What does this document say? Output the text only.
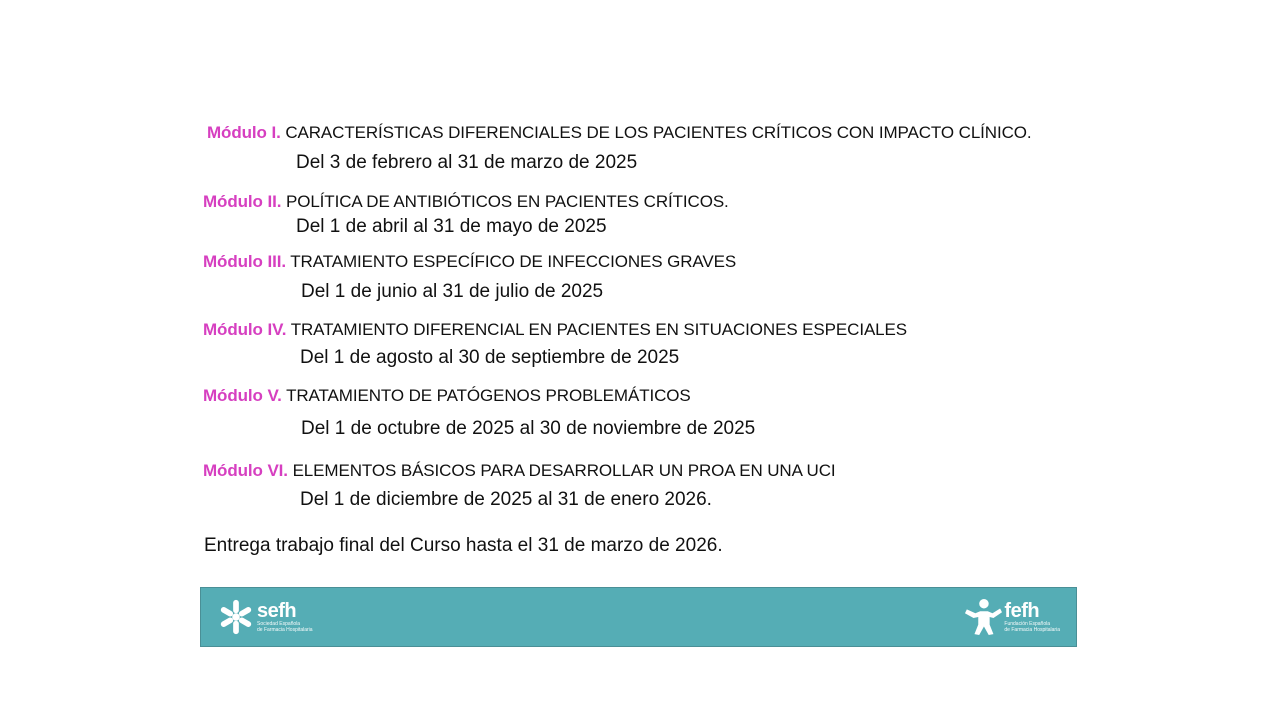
Módulo I. CARACTERÍSTICAS DIFERENCIALES DE LOS PACIENTES CRÍTICOS CON IMPACTO CLÍNICO.
Del 3 de febrero al 31 de marzo de 2025
Módulo II. POLÍTICA DE ANTIBIÓTICOS EN PACIENTES CRÍTICOS.
Del 1 de abril al 31 de mayo de 2025
Módulo III. TRATAMIENTO ESPECÍFICO DE INFECCIONES GRAVES
Del 1 de junio al 31 de julio de 2025
Módulo IV. TRATAMIENTO DIFERENCIAL EN PACIENTES EN SITUACIONES ESPECIALES
Del 1 de agosto al 30 de septiembre de 2025
Módulo V. TRATAMIENTO DE PATÓGENOS PROBLEMÁTICOS
Del 1 de octubre de 2025 al 30 de noviembre de 2025
Módulo VI. ELEMENTOS BÁSICOS PARA DESARROLLAR UN PROA EN UNA UCI
Del 1 de diciembre de 2025 al 31 de enero 2026.
Entrega trabajo final del Curso hasta el 31 de marzo de 2026.
sefh
Sociedad Española
de Farmacia Hospitalaria
fefh
Fundación Española
de Farmacia Hospitalaria
